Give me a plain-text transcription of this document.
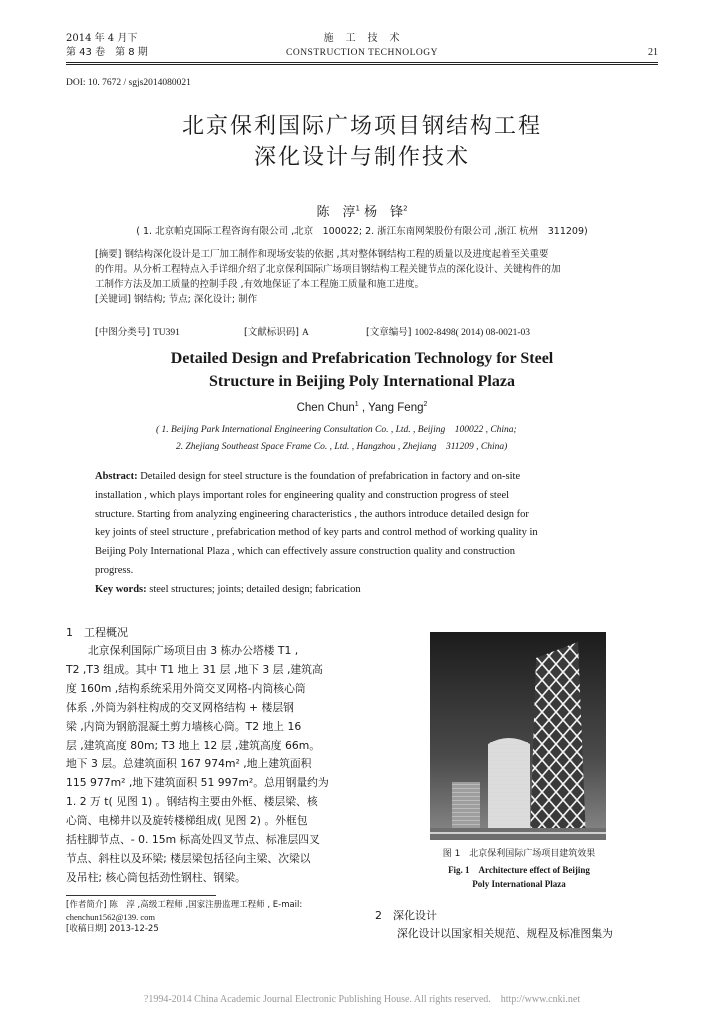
2014 年 4 月下
第 43 卷　第 8 期
施　工　技　术
CONSTRUCTION TECHNOLOGY	21
DOI: 10. 7672 / sgjs2014080021
北京保利国际广场项目钢结构工程
深化设计与制作技术
陈　淳$^1$ 杨　锋$^2$
( 1. 北京帕克国际工程咨询有限公司 ,北京　100022; 2. 浙江东南网架股份有限公司 ,浙江 杭州　311209)
[摘要] 钢结构深化设计是工厂加工制作和现场安装的依据 ,其对整体钢结构工程的质量以及进度起着至关重要
的作用。从分析工程特点入手详细介绍了北京保利国际广场项目钢结构工程关键节点的深化设计、关键构件的加
工制作方法及加工质量的控制手段 ,有效地保证了本工程施工质量和施工进度。
[关键词] 钢结构; 节点; 深化设计; 制作
[中图分类号] TU391	[文献标识码] A	[文章编号] 1002-8498( 2014) 08-0021-03
Detailed Design and Prefabrication Technology for Steel
Structure in Beijing Poly International Plaza
Chen Chun$^1$ , Yang Feng$^2$
( 1. Beijing Park International Engineering Consultation Co. , Ltd. , Beijing　100022 , China;
2. Zhejiang Southeast Space Frame Co. , Ltd. , Hangzhou , Zhejiang　311209 , China)
Abstract: Detailed design for steel structure is the foundation of prefabrication in factory and on-site
installation , which plays important roles for engineering quality and construction progress of steel
structure. Starting from analyzing engineering characteristics , the authors introduce detailed design for
key joints of steel structure , prefabrication method of key parts and control method of working quality in
Beijing Poly International Plaza , which can effectively assure construction quality and construction
progress.
Key words: steel structures; joints; detailed design; fabrication
1　工程概况
北京保利国际广场项目由 3 栋办公塔楼 T1 ,
T2 ,T3 组成。其中 T1 地上 31 层 ,地下 3 层 ,建筑高
度 160m ,结构系统采用外筒交叉网格-内筒核心筒
体系 ,外筒为斜柱构成的交叉网格结构 + 楼层钢
梁 ,内筒为钢筋混凝土剪力墙核心筒。T2 地上 16
层 ,建筑高度 80m; T3 地上 12 层 ,建筑高度 66m。
地下 3 层。总建筑面积 167 974m² ,地上建筑面积
115 977m² ,地下建筑面积 51 997m²。总用钢量约为
1. 2 万 t( 见图 1) 。钢结构主要由外框、楼层梁、核
心筒、电梯井以及旋转楼梯组成( 见图 2) 。外框包
括柱脚节点、- 0. 15m 标高处四叉节点、标准层四叉
节点、斜柱以及环梁; 楼层梁包括径向主梁、次梁以
及吊柱; 核心筒包括劲性钢柱、钢梁。
[作者简介] 陈　淳 ,高级工程师 ,国家注册监理工程师 , E-mail:
chenchun1562@139. com
[收稿日期] 2013-12-25
图 1　北京保利国际广场项目建筑效果
Fig. 1　Architecture effect of Beijing
Poly International Plaza
2　深化设计
深化设计以国家相关规范、规程及标准图集为
?1994-2014 China Academic Journal Electronic Publishing House. All rights reserved.　http://www.cnki.net
